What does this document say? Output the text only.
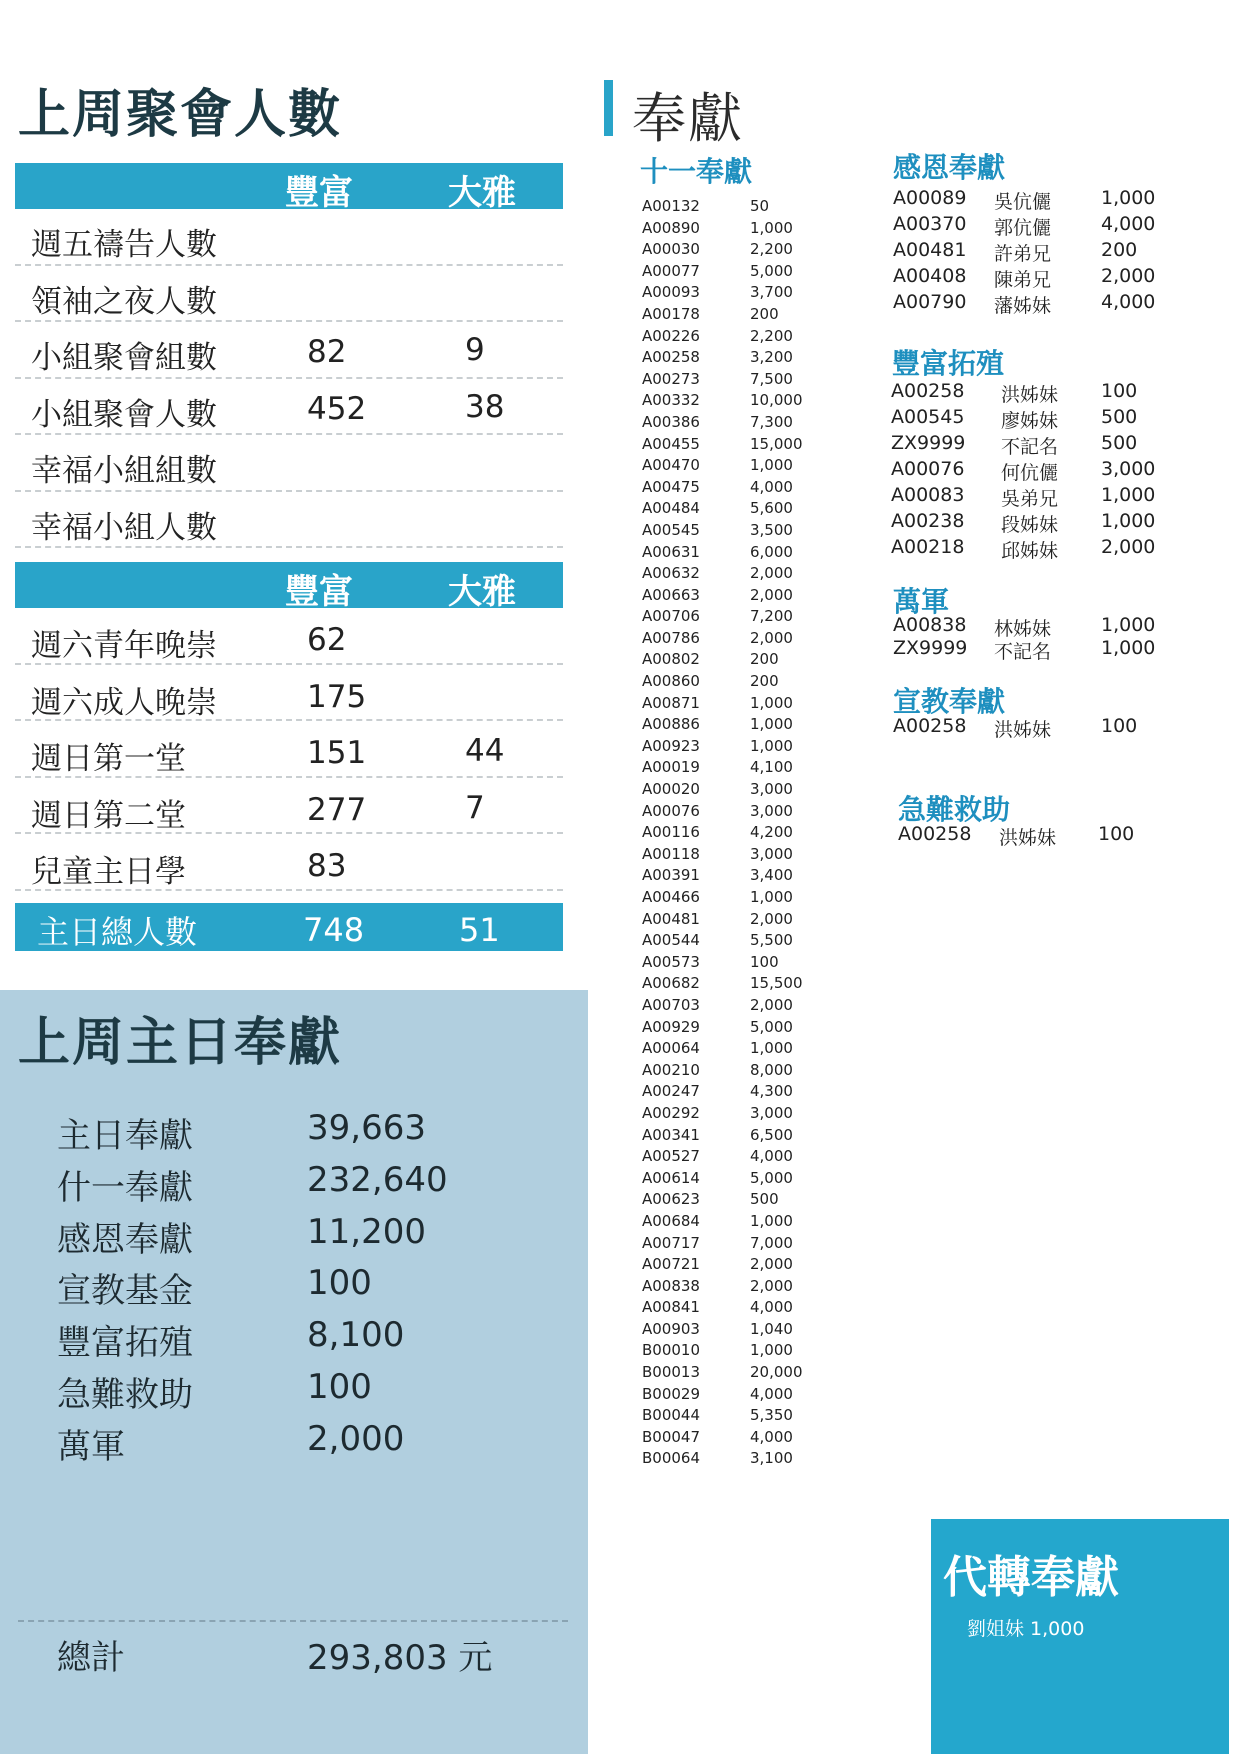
上周聚會人數
豐富	大雅
週五禱告人數
領袖之夜人數
小組聚會組數	82	9
小組聚會人數	452	38
幸福小組組數
幸福小組人數
豐富	大雅
週六青年晚崇	62
週六成人晚崇	175
週日第一堂	151	44
週日第二堂	277	7
兒童主日學	83
主日總人數	748	51
上周主日奉獻
主日奉獻	39,663
什一奉獻	232,640
感恩奉獻	11,200
宣教基金	100
豐富拓殖	8,100
急難救助	100
萬軍	2,000
總計	293,803 元
奉獻
十一奉獻
A00132	50
A00890	1,000
A00030	2,200
A00077	5,000
A00093	3,700
A00178	200
A00226	2,200
A00258	3,200
A00273	7,500
A00332	10,000
A00386	7,300
A00455	15,000
A00470	1,000
A00475	4,000
A00484	5,600
A00545	3,500
A00631	6,000
A00632	2,000
A00663	2,000
A00706	7,200
A00786	2,000
A00802	200
A00860	200
A00871	1,000
A00886	1,000
A00923	1,000
A00019	4,100
A00020	3,000
A00076	3,000
A00116	4,200
A00118	3,000
A00391	3,400
A00466	1,000
A00481	2,000
A00544	5,500
A00573	100
A00682	15,500
A00703	2,000
A00929	5,000
A00064	1,000
A00210	8,000
A00247	4,300
A00292	3,000
A00341	6,500
A00527	4,000
A00614	5,000
A00623	500
A00684	1,000
A00717	7,000
A00721	2,000
A00838	2,000
A00841	4,000
A00903	1,040
B00010	1,000
B00013	20,000
B00029	4,000
B00044	5,350
B00047	4,000
B00064	3,100
感恩奉獻
A00089 吳伉儷	1,000
A00370 郭伉儷	4,000
A00481 許弟兄	200
A00408 陳弟兄	2,000
A00790 藩姊妹	4,000
豐富拓殖
A00258 洪姊妹 100
A00545 廖姊妹 500
ZX9999 不記名 500
A00076 何伉儷 3,000
A00083 吳弟兄 1,000
A00238 段姊妹 1,000
A00218 邱姊妹 2,000
萬軍
A00838 林姊妹	1,000
ZX9999 不記名	1,000
宣教奉獻
A00258 洪姊妹	100
急難救助
A00258 洪姊妹 100
代轉奉獻
劉姐妹 1,000
